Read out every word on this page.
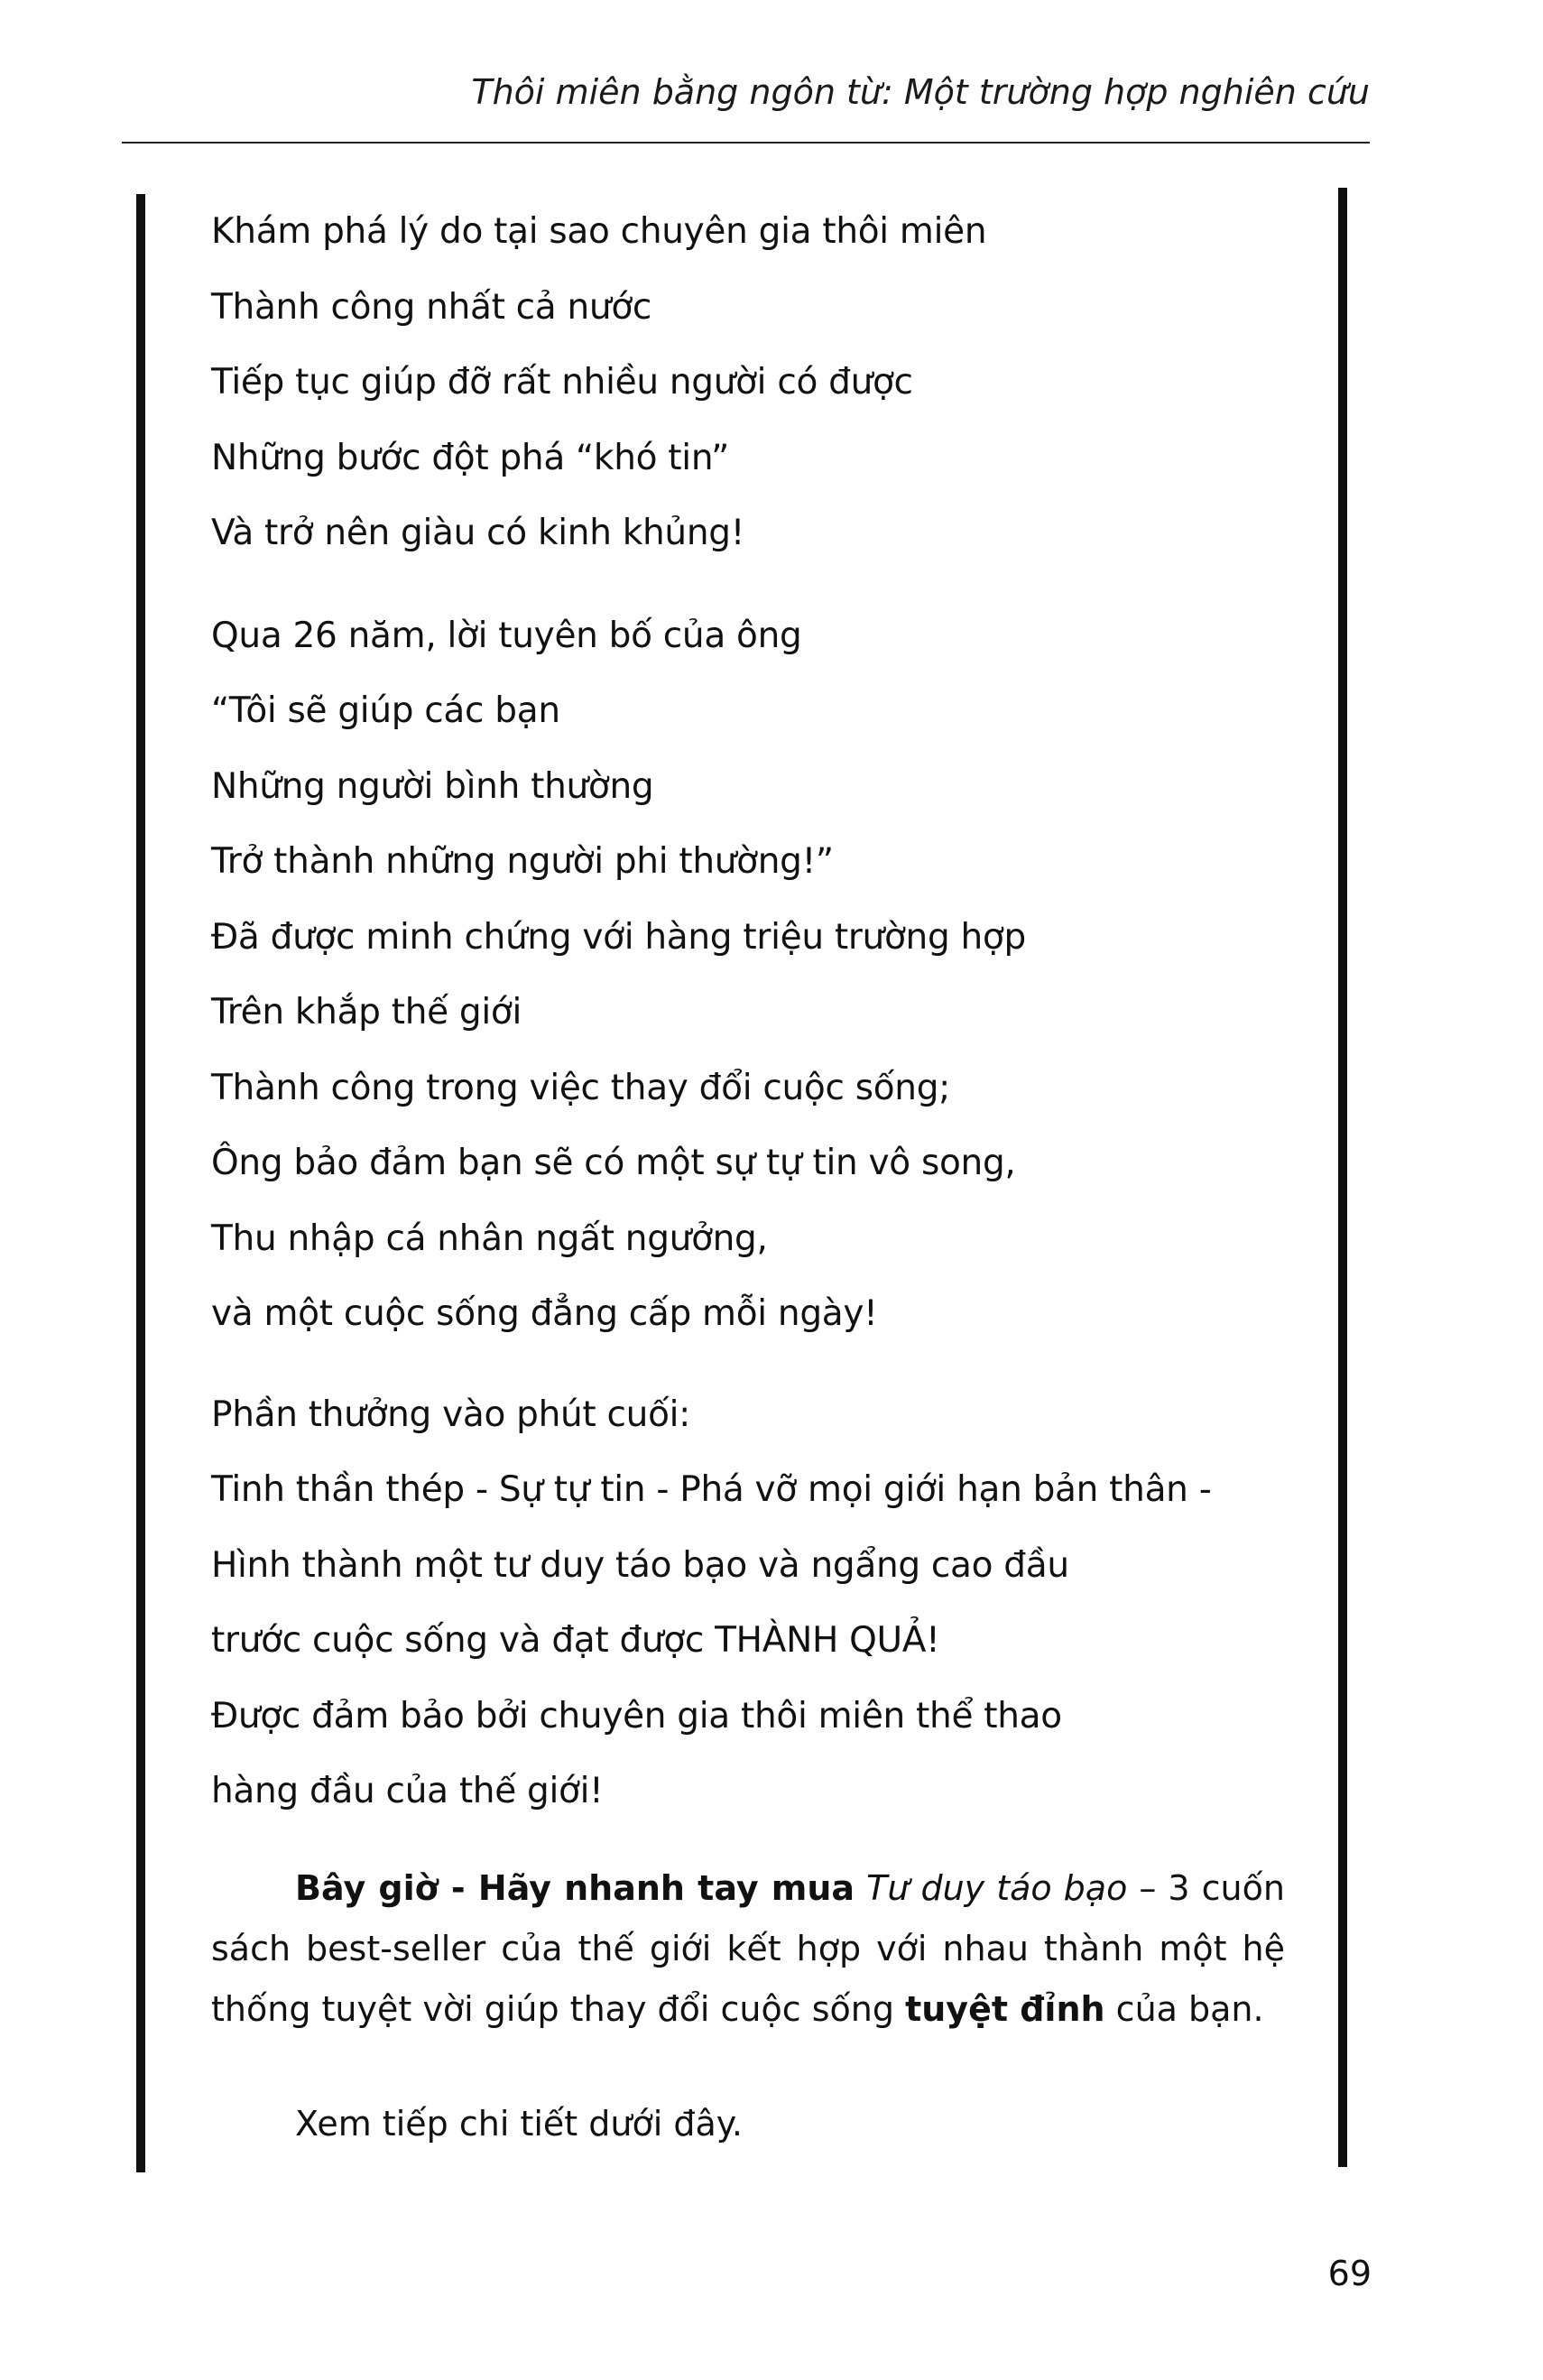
Thôi miên bằng ngôn từ: Một trường hợp nghiên cứu
Khám phá lý do tại sao chuyên gia thôi miên
Thành công nhất cả nước
Tiếp tục giúp đỡ rất nhiều người có được
Những bước đột phá “khó tin”
Và trở nên giàu có kinh khủng!
Qua 26 năm, lời tuyên bố của ông
“Tôi sẽ giúp các bạn
Những người bình thường
Trở thành những người phi thường!”
Đã được minh chứng với hàng triệu trường hợp
Trên khắp thế giới
Thành công trong việc thay đổi cuộc sống;
Ông bảo đảm bạn sẽ có một sự tự tin vô song,
Thu nhập cá nhân ngất ngưởng,
và một cuộc sống đẳng cấp mỗi ngày!
Phần thưởng vào phút cuối:
Tinh thần thép - Sự tự tin - Phá vỡ mọi giới hạn bản thân -
Hình thành một tư duy táo bạo và ngẩng cao đầu
trước cuộc sống và đạt được THÀNH QUẢ!
Được đảm bảo bởi chuyên gia thôi miên thể thao
hàng đầu của thế giới!
Bây giờ - Hãy nhanh tay mua Tư duy táo bạo – 3 cuốn sách best-seller của thế giới kết hợp với nhau thành một hệ thống tuyệt vời giúp thay đổi cuộc sống tuyệt đỉnh của bạn.
Xem tiếp chi tiết dưới đây.
69
